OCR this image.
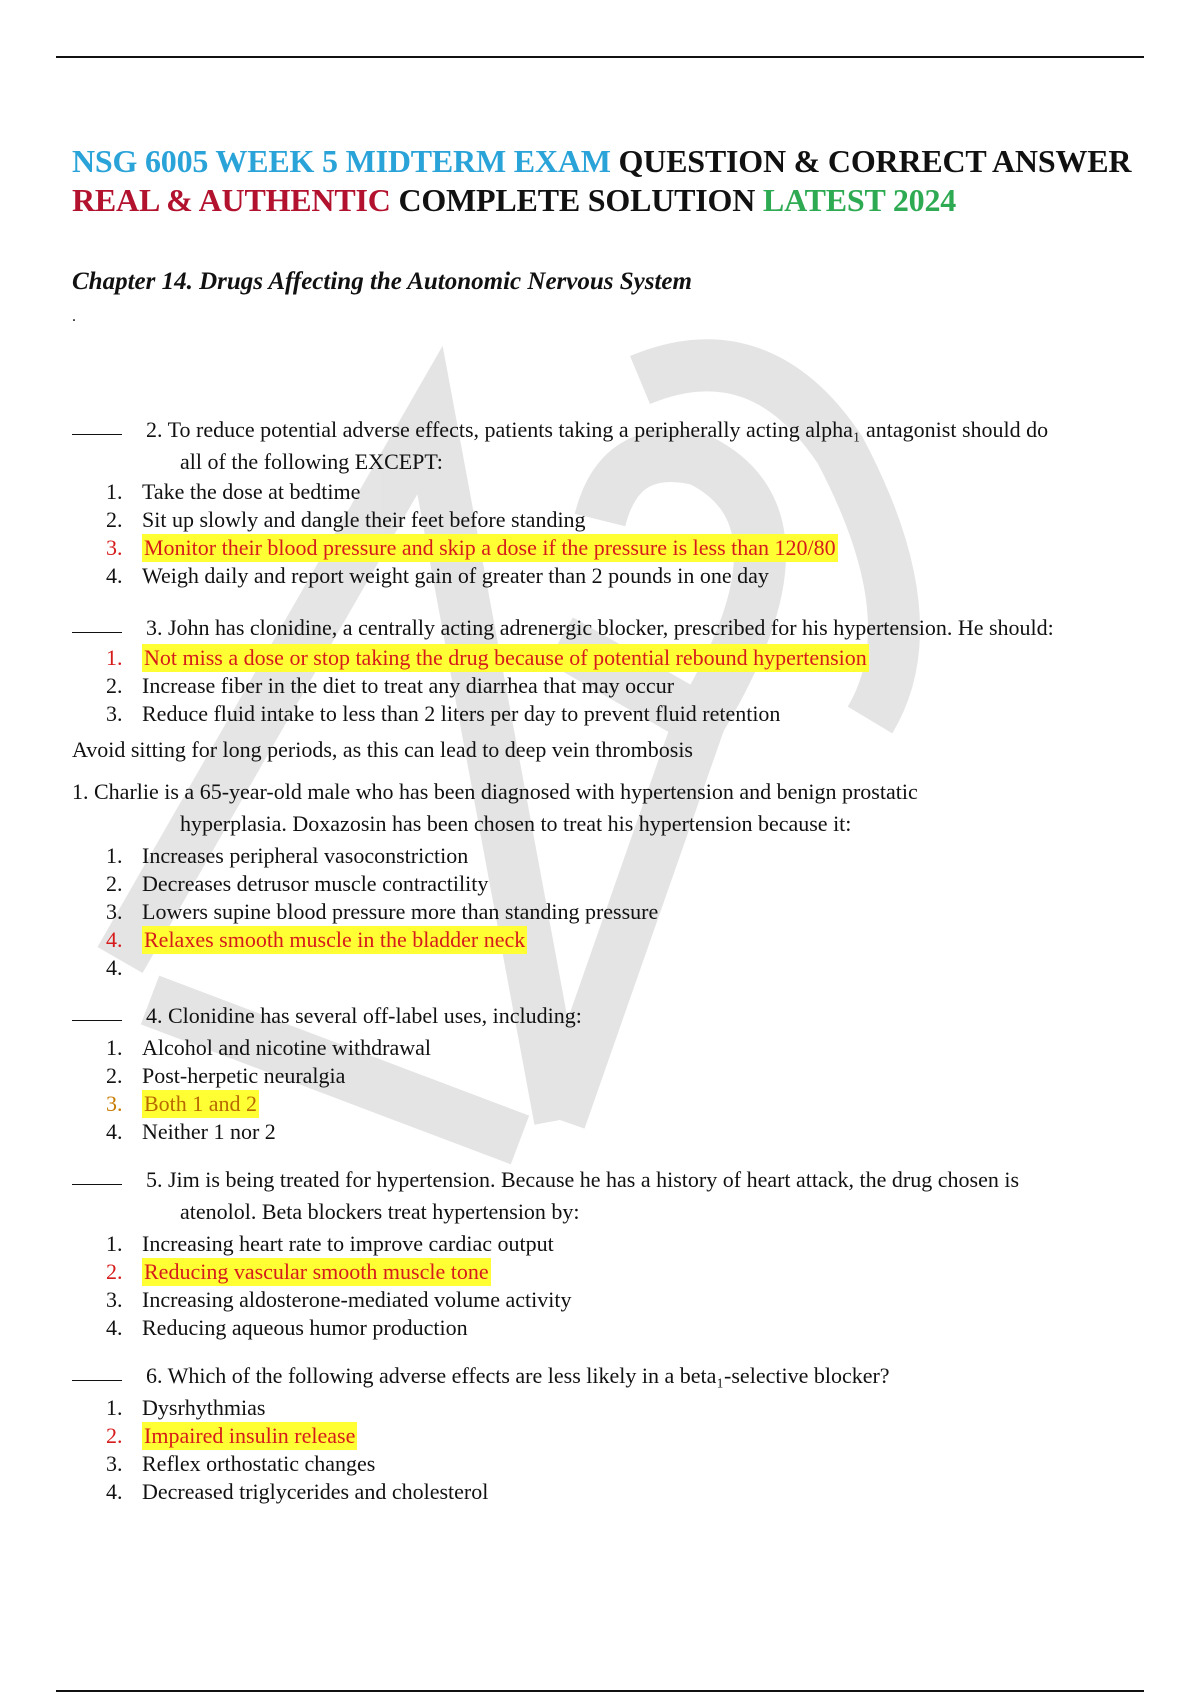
NSG 6005 WEEK 5 MIDTERM EXAM QUESTION & CORRECT ANSWER
REAL & AUTHENTIC COMPLETE SOLUTION LATEST 2024
Chapter 14. Drugs Affecting the Autonomic Nervous System
.
2. To reduce potential adverse effects, patients taking a peripherally acting alpha₁ antagonist should do
all of the following EXCEPT:
1. Take the dose at bedtime
2. Sit up slowly and dangle their feet before standing
3. Monitor their blood pressure and skip a dose if the pressure is less than 120/80
4. Weigh daily and report weight gain of greater than 2 pounds in one day
3. John has clonidine, a centrally acting adrenergic blocker, prescribed for his hypertension. He should:
1. Not miss a dose or stop taking the drug because of potential rebound hypertension
2. Increase fiber in the diet to treat any diarrhea that may occur
3. Reduce fluid intake to less than 2 liters per day to prevent fluid retention
Avoid sitting for long periods, as this can lead to deep vein thrombosis
1. Charlie is a 65-year-old male who has been diagnosed with hypertension and benign prostatic
hyperplasia. Doxazosin has been chosen to treat his hypertension because it:
1. Increases peripheral vasoconstriction
2. Decreases detrusor muscle contractility
3. Lowers supine blood pressure more than standing pressure
4. Relaxes smooth muscle in the bladder neck
4.
4. Clonidine has several off-label uses, including:
1. Alcohol and nicotine withdrawal
2. Post-herpetic neuralgia
3. Both 1 and 2
4. Neither 1 nor 2
5. Jim is being treated for hypertension. Because he has a history of heart attack, the drug chosen is
atenolol. Beta blockers treat hypertension by:
1. Increasing heart rate to improve cardiac output
2. Reducing vascular smooth muscle tone
3. Increasing aldosterone-mediated volume activity
4. Reducing aqueous humor production
6. Which of the following adverse effects are less likely in a beta₁-selective blocker?
1. Dysrhythmias
2. Impaired insulin release
3. Reflex orthostatic changes
4. Decreased triglycerides and cholesterol
